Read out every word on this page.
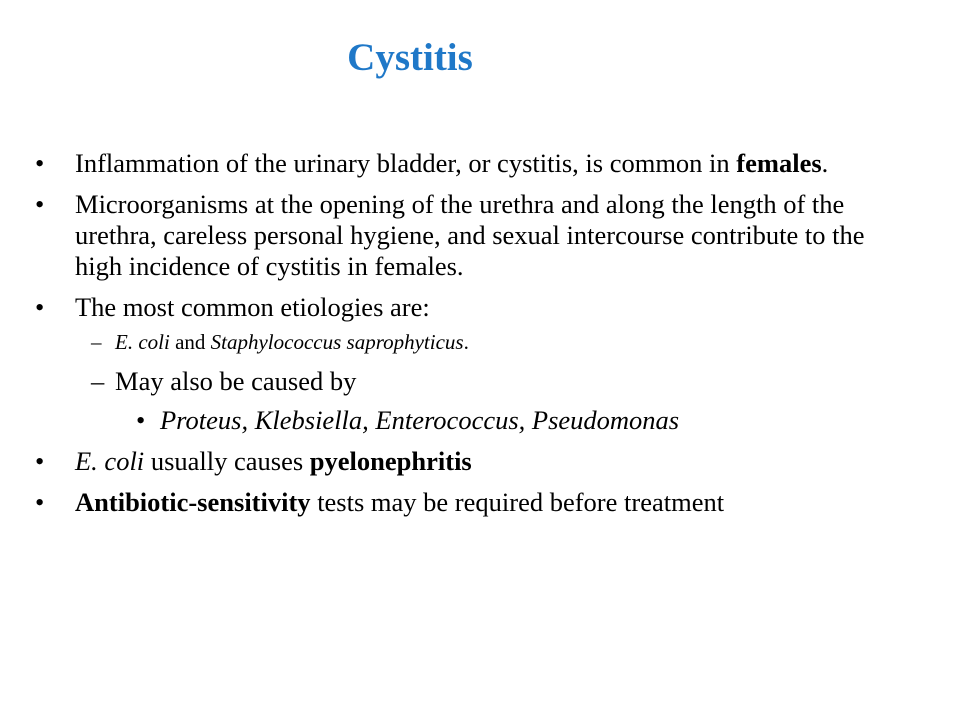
Cystitis
• Inflammation of the urinary bladder, or cystitis, is common in females.
• Microorganisms at the opening of the urethra and along the length of the urethra, careless personal hygiene, and sexual intercourse contribute to the high incidence of cystitis in females.
• The most common etiologies are:
– E. coli and Staphylococcus saprophyticus.
– May also be caused by
• Proteus, Klebsiella, Enterococcus, Pseudomonas
• E. coli usually causes pyelonephritis
• Antibiotic-sensitivity tests may be required before treatment
